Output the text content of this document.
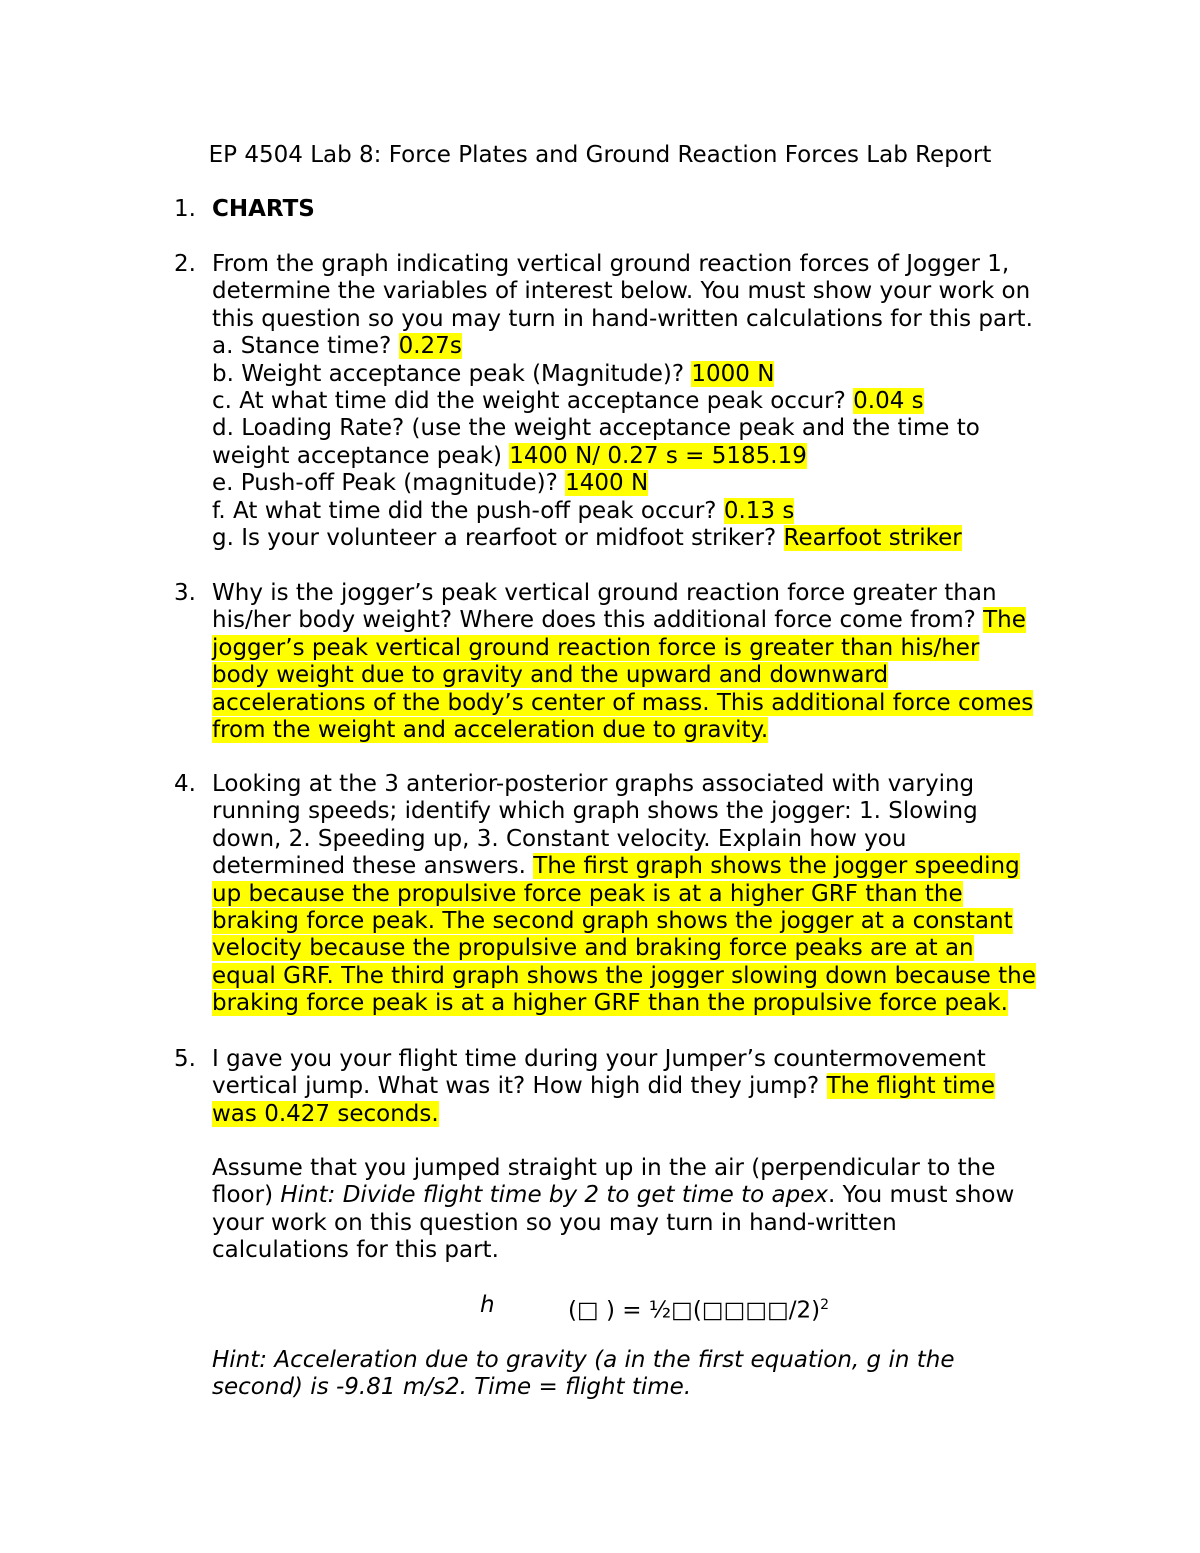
EP 4504 Lab 8: Force Plates and Ground Reaction Forces Lab Report
1. CHARTS
2. From the graph indicating vertical ground reaction forces of Jogger 1,
determine the variables of interest below. You must show your work on
this question so you may turn in hand-written calculations for this part.
a. Stance time? 0.27s
b. Weight acceptance peak (Magnitude)? 1000 N
c. At what time did the weight acceptance peak occur? 0.04 s
d. Loading Rate? (use the weight acceptance peak and the time to
weight acceptance peak) 1400 N/ 0.27 s = 5185.19
e. Push-off Peak (magnitude)? 1400 N
f. At what time did the push-off peak occur? 0.13 s
g. Is your volunteer a rearfoot or midfoot striker? Rearfoot striker
3. Why is the jogger’s peak vertical ground reaction force greater than
his/her body weight? Where does this additional force come from? The
jogger’s peak vertical ground reaction force is greater than his/her
body weight due to gravity and the upward and downward
accelerations of the body’s center of mass. This additional force comes
from the weight and acceleration due to gravity.
4. Looking at the 3 anterior-posterior graphs associated with varying
running speeds; identify which graph shows the jogger: 1. Slowing
down, 2. Speeding up, 3. Constant velocity. Explain how you
determined these answers. The first graph shows the jogger speeding
up because the propulsive force peak is at a higher GRF than the
braking force peak. The second graph shows the jogger at a constant
velocity because the propulsive and braking force peaks are at an
equal GRF. The third graph shows the jogger slowing down because the
braking force peak is at a higher GRF than the propulsive force peak.
5. I gave you your flight time during your Jumper’s countermovement
vertical jump. What was it? How high did they jump? The flight time
was 0.427 seconds.
Assume that you jumped straight up in the air (perpendicular to the
floor) Hint: Divide flight time by 2 to get time to apex. You must show
your work on this question so you may turn in hand-written
calculations for this part.
h	(□ ) = ½□(□□□□/2)$^2$
Hint: Acceleration due to gravity (a in the first equation, g in the
second) is -9.81 m/s2. Time = flight time.
